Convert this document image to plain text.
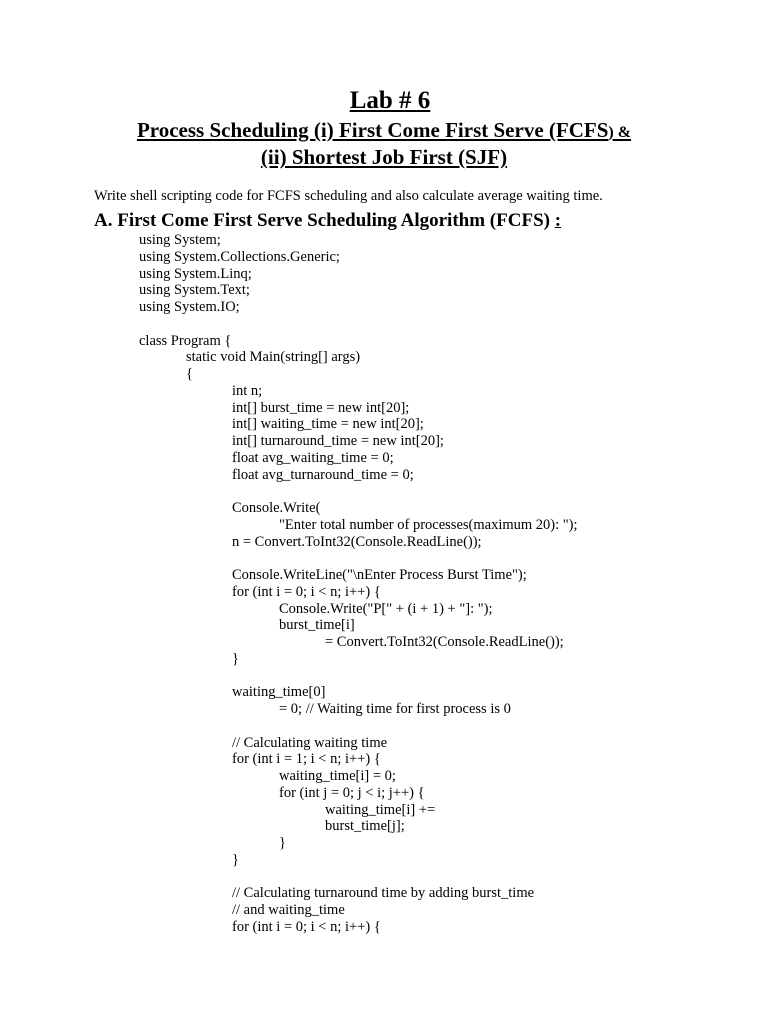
Lab # 6
Process Scheduling (i) First Come First Serve (FCFS) &
(ii) Shortest Job First (SJF)

Write shell scripting code for FCFS scheduling and also calculate average waiting time.

A. First Come First Serve Scheduling Algorithm (FCFS) :
using System;
using System.Collections.Generic;
using System.Linq;
using System.Text;
using System.IO;
class Program {
static void Main(string[] args)
{
int n;
int[] burst_time = new int[20];
int[] waiting_time = new int[20];
int[] turnaround_time = new int[20];
float avg_waiting_time = 0;
float avg_turnaround_time = 0;
Console.Write(
"Enter total number of processes(maximum 20): ");
n = Convert.ToInt32(Console.ReadLine());
Console.WriteLine("\nEnter Process Burst Time");
for (int i = 0; i < n; i++) {
Console.Write("P[" + (i + 1) + "]: ");
burst_time[i]
= Convert.ToInt32(Console.ReadLine());
}
waiting_time[0]
= 0; // Waiting time for first process is 0
// Calculating waiting time
for (int i = 1; i < n; i++) {
waiting_time[i] = 0;
for (int j = 0; j < i; j++) {
waiting_time[i] +=
burst_time[j];
}
}
// Calculating turnaround time by adding burst_time
// and waiting_time
for (int i = 0; i < n; i++) {
